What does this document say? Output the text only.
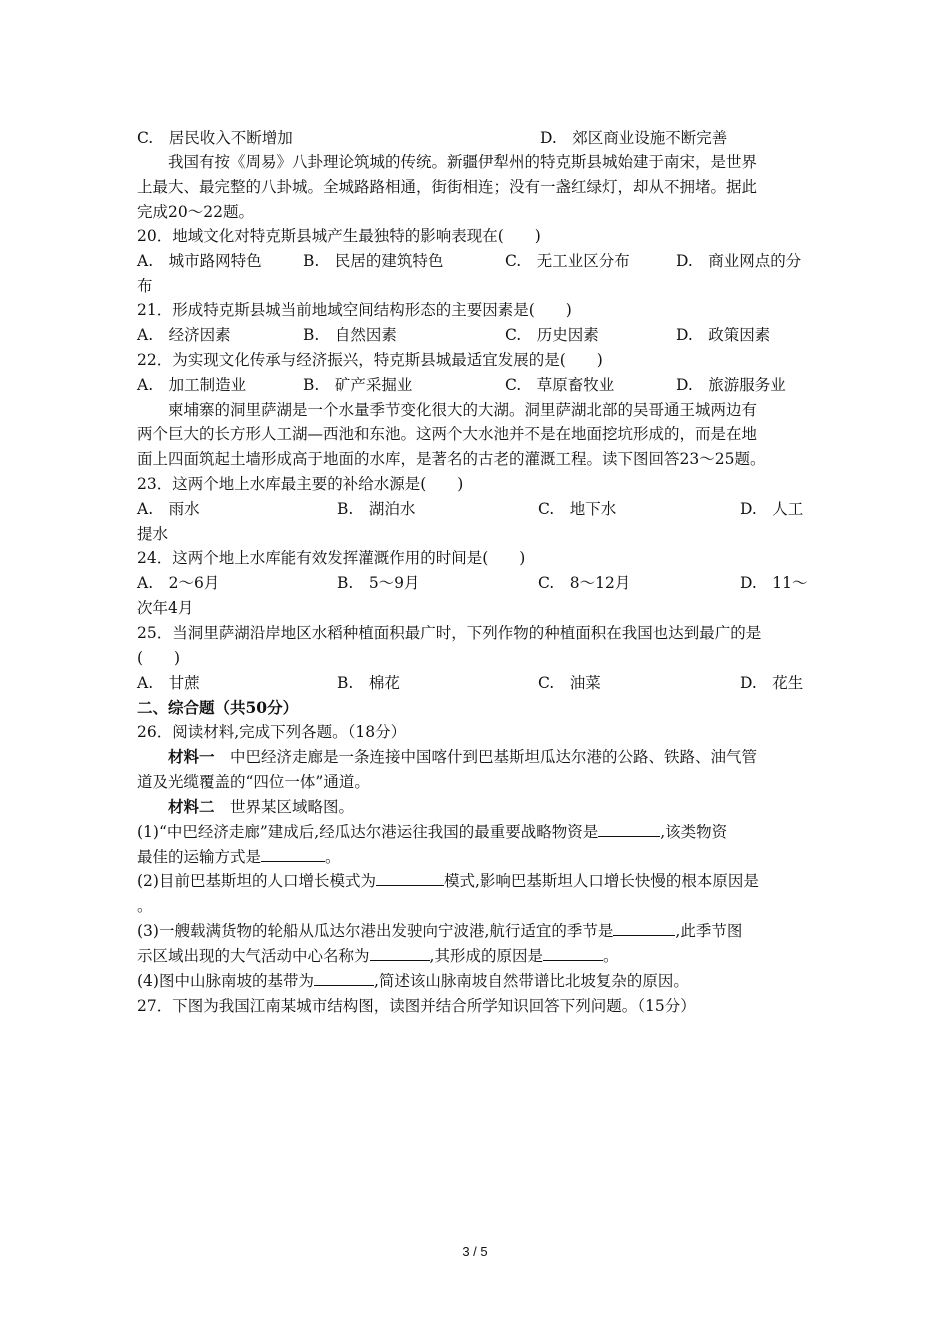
C.　居民收入不断增加	D.　郊区商业设施不断完善
我国有按《周易》八卦理论筑城的传统。新疆伊犁州的特克斯县城始建于南宋，是世界
上最大、最完整的八卦城。全城路路相通，街街相连；没有一盏红绿灯，却从不拥堵。据此
完成20～22题。
20．地域文化对特克斯县城产生最独特的影响表现在(　　)
A.　城市路网特色	B.　民居的建筑特色	C.　无工业区分布	D.　商业网点的分
布
21．形成特克斯县城当前地域空间结构形态的主要因素是(　　)
A.　经济因素	B.　自然因素	C.　历史因素	D.　政策因素
22．为实现文化传承与经济振兴，特克斯县城最适宜发展的是(　　)
A.　加工制造业	B.　矿产采掘业	C.　草原畜牧业	D.　旅游服务业
柬埔寨的洞里萨湖是一个水量季节变化很大的大湖。洞里萨湖北部的吴哥通王城两边有
两个巨大的长方形人工湖—西池和东池。这两个大水池并不是在地面挖坑形成的，而是在地
面上四面筑起土墙形成高于地面的水库，是著名的古老的灌溉工程。读下图回答23～25题。
23．这两个地上水库最主要的补给水源是(　　)
A.　雨水	B.　湖泊水	C.　地下水	D.　人工
提水
24．这两个地上水库能有效发挥灌溉作用的时间是(　　)
A.　2～6月	B.　5～9月	C.　8～12月	D.　11～
次年4月
25．当洞里萨湖沿岸地区水稻种植面积最广时，下列作物的种植面积在我国也达到最广的是
(　　)
A.　甘蔗	B.　棉花	C.　油菜	D.　花生
二、综合题（共50分）
26．阅读材料,完成下列各题。（18分）
材料一　中巴经济走廊是一条连接中国喀什到巴基斯坦瓜达尔港的公路、铁路、油气管
道及光缆覆盖的“四位一体”通道。
材料二　世界某区域略图。
(1)“中巴经济走廊”建成后,经瓜达尔港运往我国的最重要战略物资是	,该类物资
最佳的运输方式是	。
(2)目前巴基斯坦的人口增长模式为	模式,影响巴基斯坦人口增长快慢的根本原因是
。
(3)一艘载满货物的轮船从瓜达尔港出发驶向宁波港,航行适宜的季节是	,此季节图
示区域出现的大气活动中心名称为	,其形成的原因是	。
(4)图中山脉南坡的基带为	,简述该山脉南坡自然带谱比北坡复杂的原因。
27．下图为我国江南某城市结构图，读图并结合所学知识回答下列问题。（15分）
3 / 5
